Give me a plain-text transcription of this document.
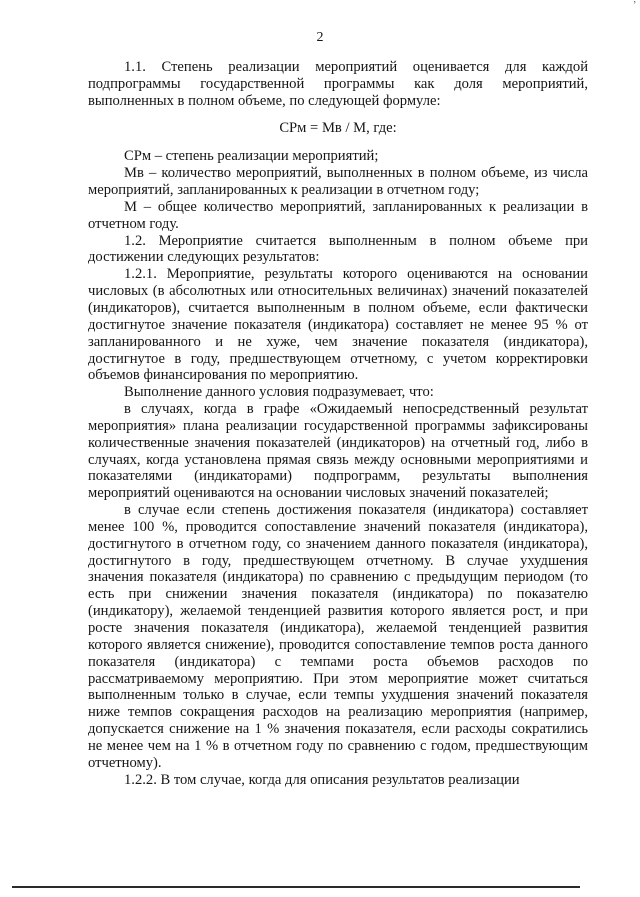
2

1.1. Степень реализации мероприятий оценивается для каждой подпрограммы государственной программы как доля мероприятий, выполненных в полном объеме, по следующей формуле:

СРм = Мв / М, где:

СРм – степень реализации мероприятий;

Мв – количество мероприятий, выполненных в полном объеме, из числа мероприятий, запланированных к реализации в отчетном году;

М – общее количество мероприятий, запланированных к реализации в отчетном году.

1.2. Мероприятие считается выполненным в полном объеме при достижении следующих результатов:

1.2.1. Мероприятие, результаты которого оцениваются на основании числовых (в абсолютных или относительных величинах) значений показателей (индикаторов), считается выполненным в полном объеме, если фактически достигнутое значение показателя (индикатора) составляет не менее 95 % от запланированного и не хуже, чем значение показателя (индикатора), достигнутое в году, предшествующем отчетному, с учетом корректировки объемов финансирования по мероприятию.

Выполнение данного условия подразумевает, что:

в случаях, когда в графе «Ожидаемый непосредственный результат мероприятия» плана реализации государственной программы зафиксированы количественные значения показателей (индикаторов) на отчетный год, либо в случаях, когда установлена прямая связь между основными мероприятиями и показателями (индикаторами) подпрограмм, результаты выполнения мероприятий оцениваются на основании числовых значений показателей;

в случае если степень достижения показателя (индикатора) составляет менее 100 %, проводится сопоставление значений показателя (индикатора), достигнутого в отчетном году, со значением данного показателя (индикатора), достигнутого в году, предшествующем отчетному. В случае ухудшения значения показателя (индикатора) по сравнению с предыдущим периодом (то есть при снижении значения показателя (индикатора) по показателю (индикатору), желаемой тенденцией развития которого является рост, и при росте значения показателя (индикатора), желаемой тенденцией развития которого является снижение), проводится сопоставление темпов роста данного показателя (индикатора) с темпами роста объемов расходов по рассматриваемому мероприятию. При этом мероприятие может считаться выполненным только в случае, если темпы ухудшения значений показателя ниже темпов сокращения расходов на реализацию мероприятия (например, допускается снижение на 1 % значения показателя, если расходы сократились не менее чем на 1 % в отчетном году по сравнению с годом, предшествующим отчетному).

1.2.2. В том случае, когда для описания результатов реализации
